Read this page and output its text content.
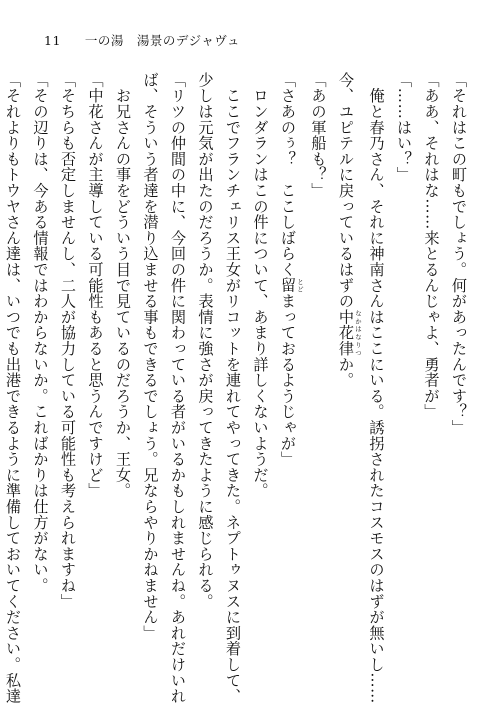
11 一の湯　湯景のデジャヴュ
「それはこの町もでしょう。何があったんです？」
「ああ、それはな……来とるんじゃよ、勇者が」
「……はい？」
　俺と春乃さん、それに神南さんはここにいる。誘拐されたコスモスのはずが無いし……
今、ユピテルに戻っているはずの中花律 なかはなりつか。
「あの軍船も？」
「さあのぅ？　ここしばらく留 とどまっておるようじゃが」
　ロンダランはこの件について、あまり詳しくないようだ。
　ここでフランチェリス王女がリコットを連れてやってきた。ネプトゥヌスに到着して、
少しは元気が出たのだろうか。表情に強さが戻ってきたように感じられる。
「リツの仲間の中に、今回の件に関わっている者がいるかもしれませんね。あれだけいれ
ば、そういう者達を潜り込ませる事もできるでしょう。兄ならやりかねません」
　お兄さんの事をどういう目で見ているのだろうか、王女。
「中花さんが主導している可能性もあると思うんですけど」
「そちらも否定しませんし、二人が協力している可能性も考えられますね」
「その辺りは、今ある情報ではわからないか。こればかりは仕方がない。
「それよりもトウヤさん達は、いつでも出港できるように準備しておいてください。私達
